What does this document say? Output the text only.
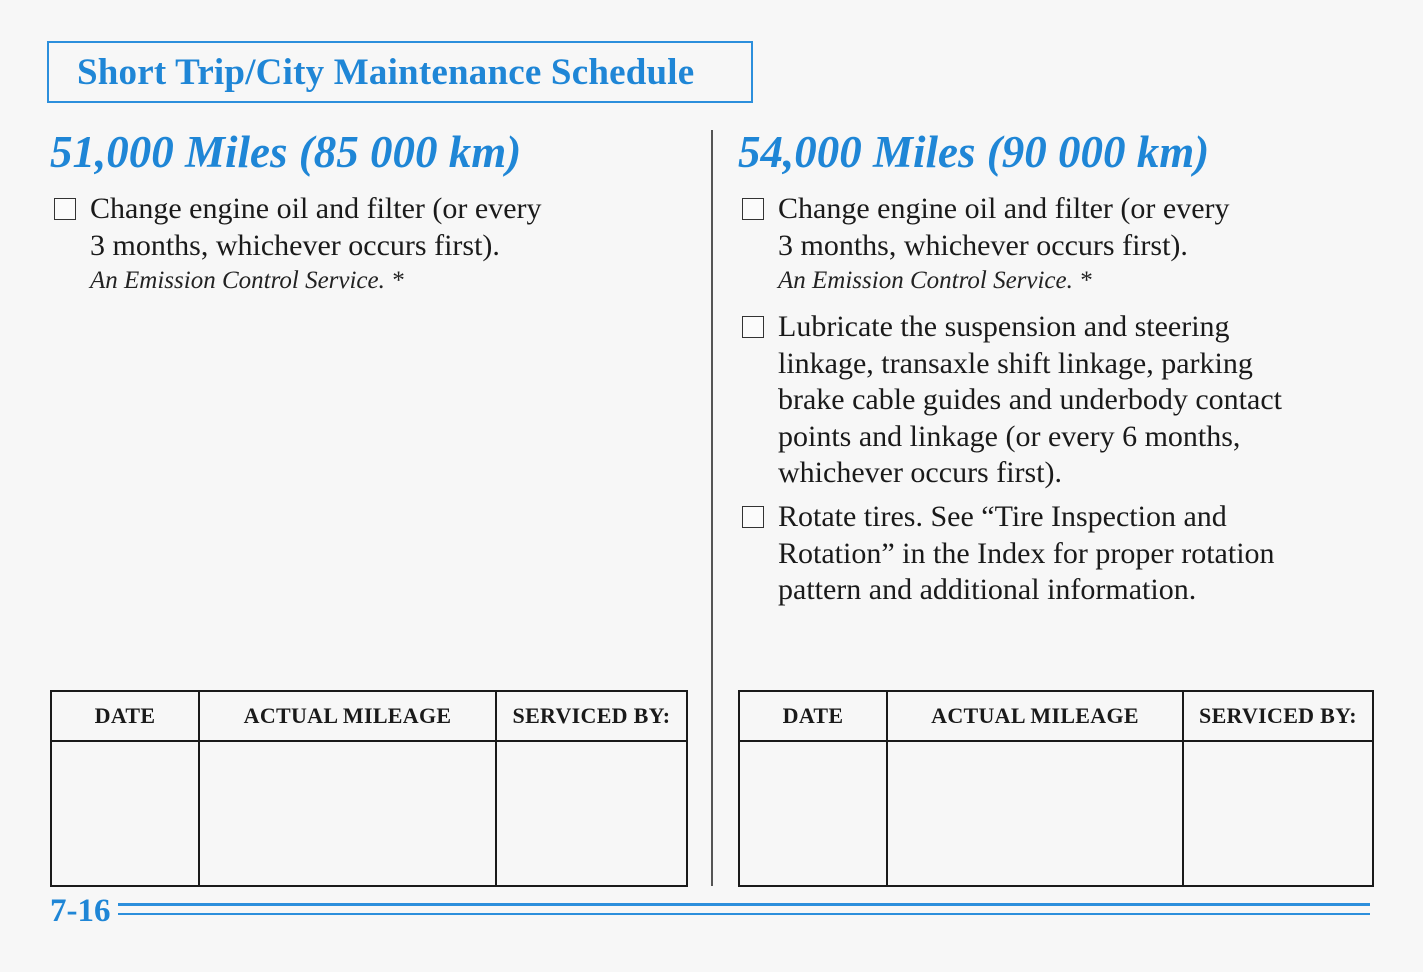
Short Trip/City Maintenance Schedule
51,000 Miles (85 000 km)
Change engine oil and filter (or every
3 months, whichever occurs first).
An Emission Control Service. *
54,000 Miles (90 000 km)
Change engine oil and filter (or every
3 months, whichever occurs first).
An Emission Control Service. *
Lubricate the suspension and steering
linkage, transaxle shift linkage, parking
brake cable guides and underbody contact
points and linkage (or every 6 months,
whichever occurs first).
Rotate tires. See “Tire Inspection and
Rotation” in the Index for proper rotation
pattern and additional information.
DATE	ACTUAL MILEAGE	SERVICED BY:
			DATE	ACTUAL MILEAGE	SERVICED BY:

7-16
